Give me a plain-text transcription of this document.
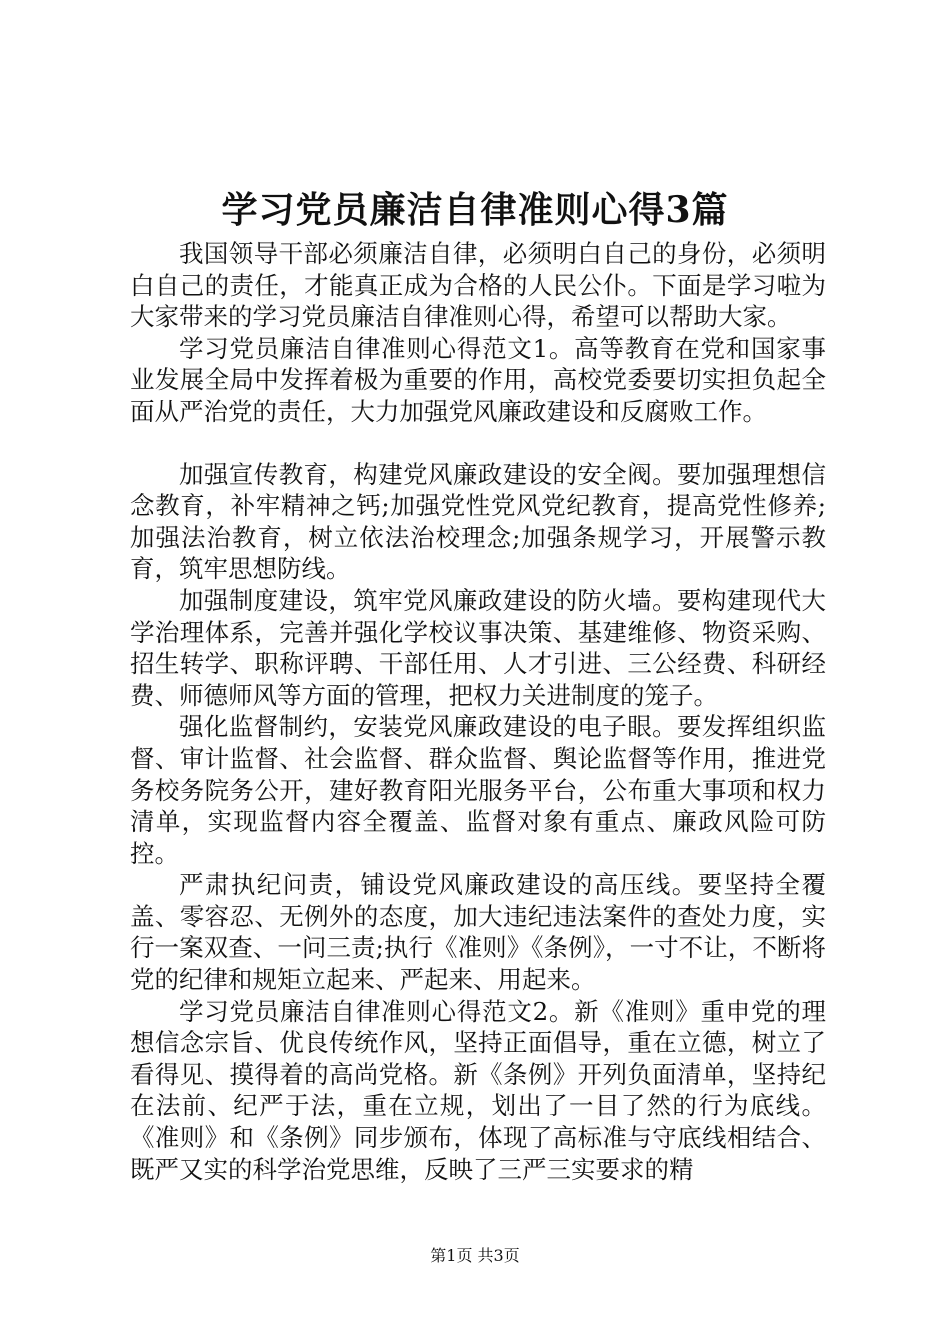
学习党员廉洁自律准则心得3篇

我国领导干部必须廉洁自律，必须明白自己的身份，必须明白自己的责任，才能真正成为合格的人民公仆。下面是学习啦为大家带来的学习党员廉洁自律准则心得，希望可以帮助大家。

学习党员廉洁自律准则心得范文1。高等教育在党和国家事业发展全局中发挥着极为重要的作用，高校党委要切实担负起全面从严治党的责任，大力加强党风廉政建设和反腐败工作。

加强宣传教育，构建党风廉政建设的安全阀。要加强理想信念教育，补牢精神之钙;加强党性党风党纪教育，提高党性修养;加强法治教育，树立依法治校理念;加强条规学习，开展警示教育，筑牢思想防线。

加强制度建设，筑牢党风廉政建设的防火墙。要构建现代大学治理体系，完善并强化学校议事决策、基建维修、物资采购、招生转学、职称评聘、干部任用、人才引进、三公经费、科研经费、师德师风等方面的管理，把权力关进制度的笼子。

强化监督制约，安装党风廉政建设的电子眼。要发挥组织监督、审计监督、社会监督、群众监督、舆论监督等作用，推进党务校务院务公开，建好教育阳光服务平台，公布重大事项和权力清单，实现监督内容全覆盖、监督对象有重点、廉政风险可防控。

严肃执纪问责，铺设党风廉政建设的高压线。要坚持全覆盖、零容忍、无例外的态度，加大违纪违法案件的查处力度，实行一案双查、一问三责;执行《准则》《条例》，一寸不让，不断将党的纪律和规矩立起来、严起来、用起来。

学习党员廉洁自律准则心得范文2。新《准则》重申党的理想信念宗旨、优良传统作风，坚持正面倡导，重在立德，树立了看得见、摸得着的高尚党格。新《条例》开列负面清单，坚持纪在法前、纪严于法，重在立规，划出了一目了然的行为底线。《准则》和《条例》同步颁布，体现了高标准与守底线相结合、既严又实的科学治党思维，反映了三严三实要求的精

第1页 共3页
